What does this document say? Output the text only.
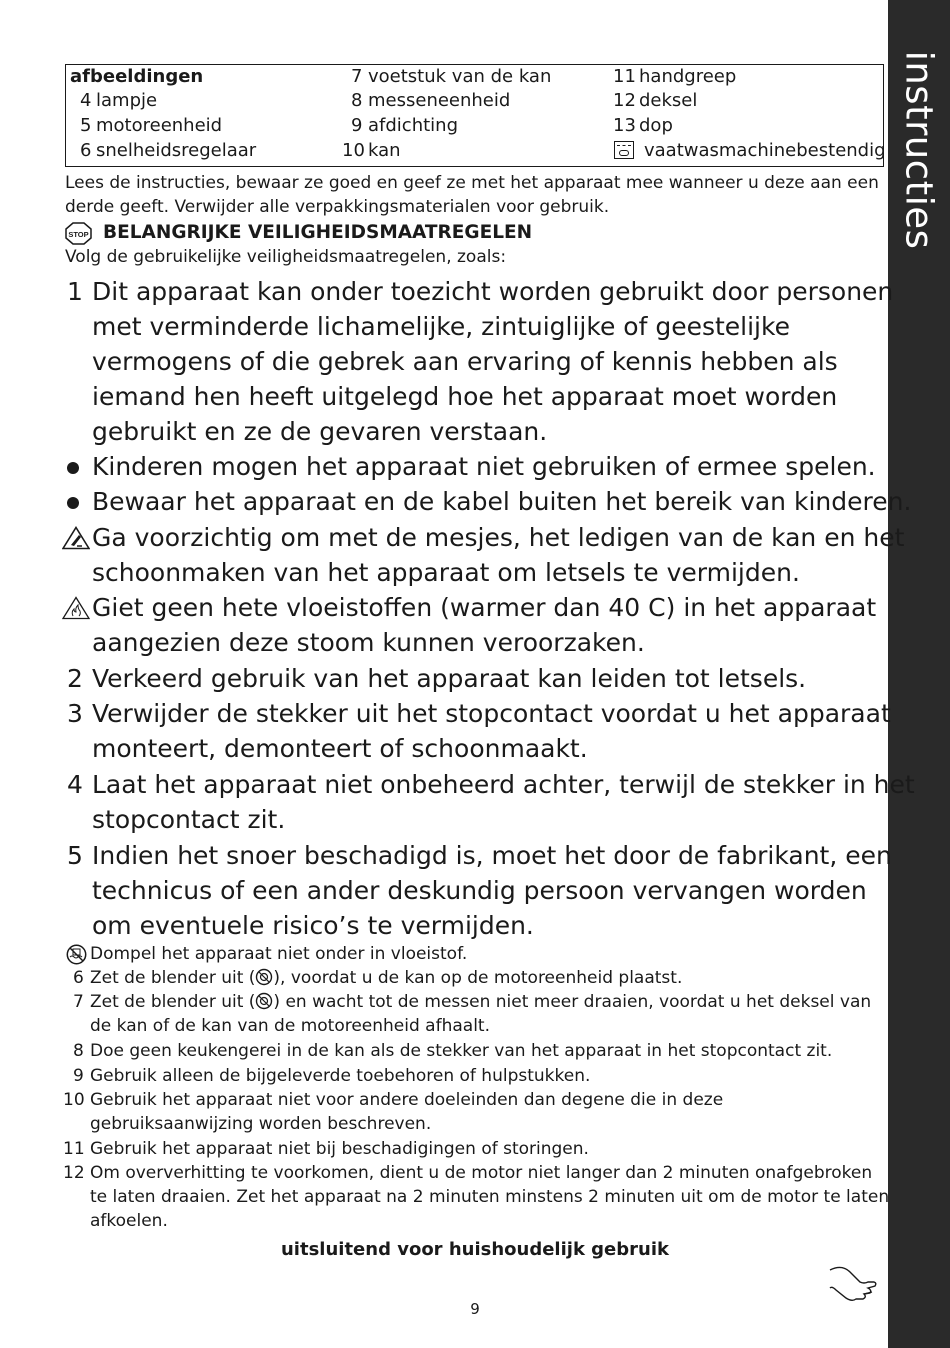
instructies
afbeeldingen
4 lampje
5 motoreenheid
6 snelheidsregelaar
7 voetstuk van de kan
8 messeneenheid
9 afdichting
10 kan
11 handgreep
12 deksel
13 dop
vaatwasmachinebestendig
Lees de instructies, bewaar ze goed en geef ze met het apparaat mee wanneer u deze aan een
derde geeft. Verwijder alle verpakkingsmaterialen voor gebruik.
STOP BELANGRIJKE VEILIGHEIDSMAATREGELEN
Volg de gebruikelijke veiligheidsmaatregelen, zoals:
1 Dit apparaat kan onder toezicht worden gebruikt door personen
met verminderde lichamelijke, zintuiglijke of geestelijke
vermogens of die gebrek aan ervaring of kennis hebben als
iemand hen heeft uitgelegd hoe het apparaat moet worden
gebruikt en ze de gevaren verstaan.
Kinderen mogen het apparaat niet gebruiken of ermee spelen.
Bewaar het apparaat en de kabel buiten het bereik van kinderen.
Ga voorzichtig om met de mesjes, het ledigen van de kan en het
schoonmaken van het apparaat om letsels te vermijden.
Giet geen hete vloeistoffen (warmer dan 40 C) in het apparaat
aangezien deze stoom kunnen veroorzaken.
2 Verkeerd gebruik van het apparaat kan leiden tot letsels.
3 Verwijder de stekker uit het stopcontact voordat u het apparaat
monteert, demonteert of schoonmaakt.
4 Laat het apparaat niet onbeheerd achter, terwijl de stekker in het
stopcontact zit.
5 Indien het snoer beschadigd is, moet het door de fabrikant, een
technicus of een ander deskundig persoon vervangen worden
om eventuele risico’s te vermijden.
Dompel het apparaat niet onder in vloeistof.
6 Zet de blender uit ( ), voordat u de kan op de motoreenheid plaatst.
7 Zet de blender uit ( ) en wacht tot de messen niet meer draaien, voordat u het deksel van
de kan of de kan van de motoreenheid afhaalt.
8 Doe geen keukengerei in de kan als de stekker van het apparaat in het stopcontact zit.
9 Gebruik alleen de bijgeleverde toebehoren of hulpstukken.
10 Gebruik het apparaat niet voor andere doeleinden dan degene die in deze
gebruiksaanwijzing worden beschreven.
11 Gebruik het apparaat niet bij beschadigingen of storingen.
12 Om oververhitting te voorkomen, dient u de motor niet langer dan 2 minuten onafgebroken
te laten draaien. Zet het apparaat na 2 minuten minstens 2 minuten uit om de motor te laten
afkoelen.
uitsluitend voor huishoudelijk gebruik
9
